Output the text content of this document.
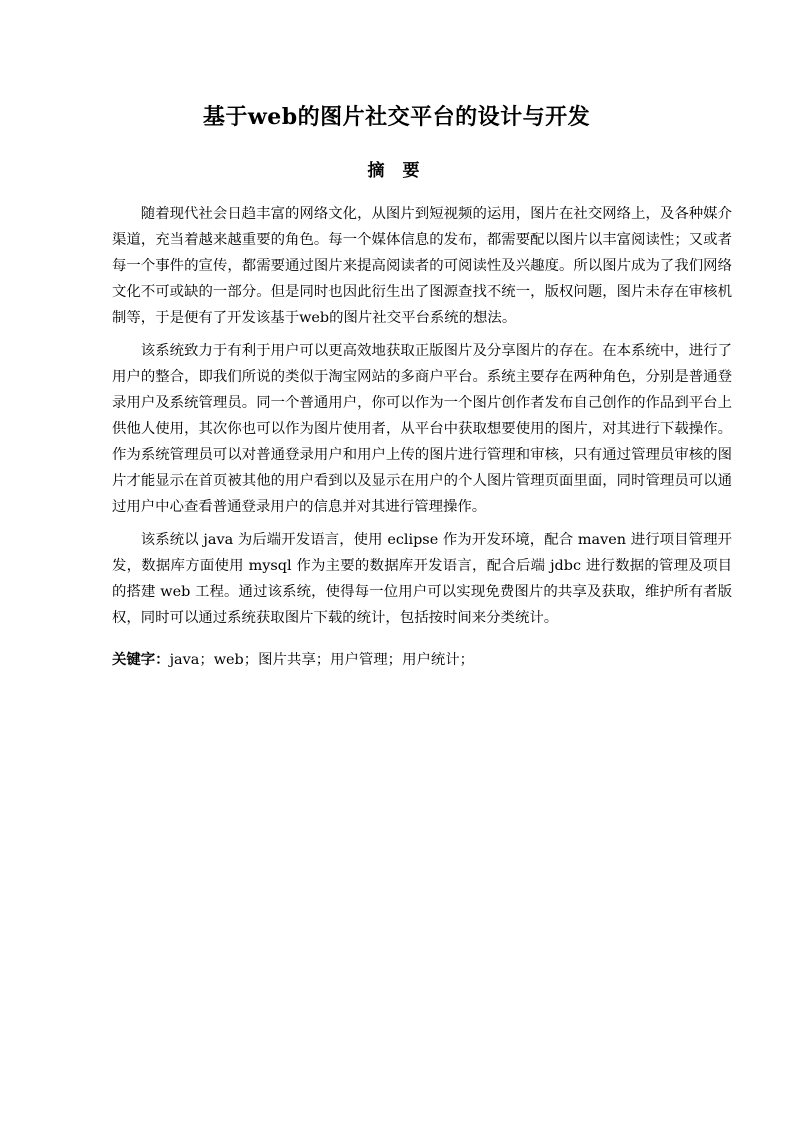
基于web的图片社交平台的设计与开发
摘 要

随着现代社会日趋丰富的网络文化，从图片到短视频的运用，图片在社交网络上，及各种媒介渠道，充当着越来越重要的角色。每一个媒体信息的发布，都需要配以图片以丰富阅读性；又或者每一个事件的宣传，都需要通过图片来提高阅读者的可阅读性及兴趣度。所以图片成为了我们网络文化不可或缺的一部分。但是同时也因此衍生出了图源查找不统一，版权问题，图片未存在审核机制等，于是便有了开发该基于web的图片社交平台系统的想法。

该系统致力于有利于用户可以更高效地获取正版图片及分享图片的存在。在本系统中，进行了用户的整合，即我们所说的类似于淘宝网站的多商户平台。系统主要存在两种角色，分别是普通登录用户及系统管理员。同一个普通用户，你可以作为一个图片创作者发布自己创作的作品到平台上供他人使用，其次你也可以作为图片使用者，从平台中获取想要使用的图片，对其进行下载操作。作为系统管理员可以对普通登录用户和用户上传的图片进行管理和审核，只有通过管理员审核的图片才能显示在首页被其他的用户看到以及显示在用户的个人图片管理页面里面，同时管理员可以通过用户中心查看普通登录用户的信息并对其进行管理操作。

该系统以 java 为后端开发语言，使用 eclipse 作为开发环境，配合 maven 进行项目管理开发，数据库方面使用 mysql 作为主要的数据库开发语言，配合后端 jdbc 进行数据的管理及项目的搭建 web 工程。通过该系统，使得每一位用户可以实现免费图片的共享及获取，维护所有者版权，同时可以通过系统获取图片下载的统计，包括按时间来分类统计。

关键字：java；web；图片共享；用户管理；用户统计；
